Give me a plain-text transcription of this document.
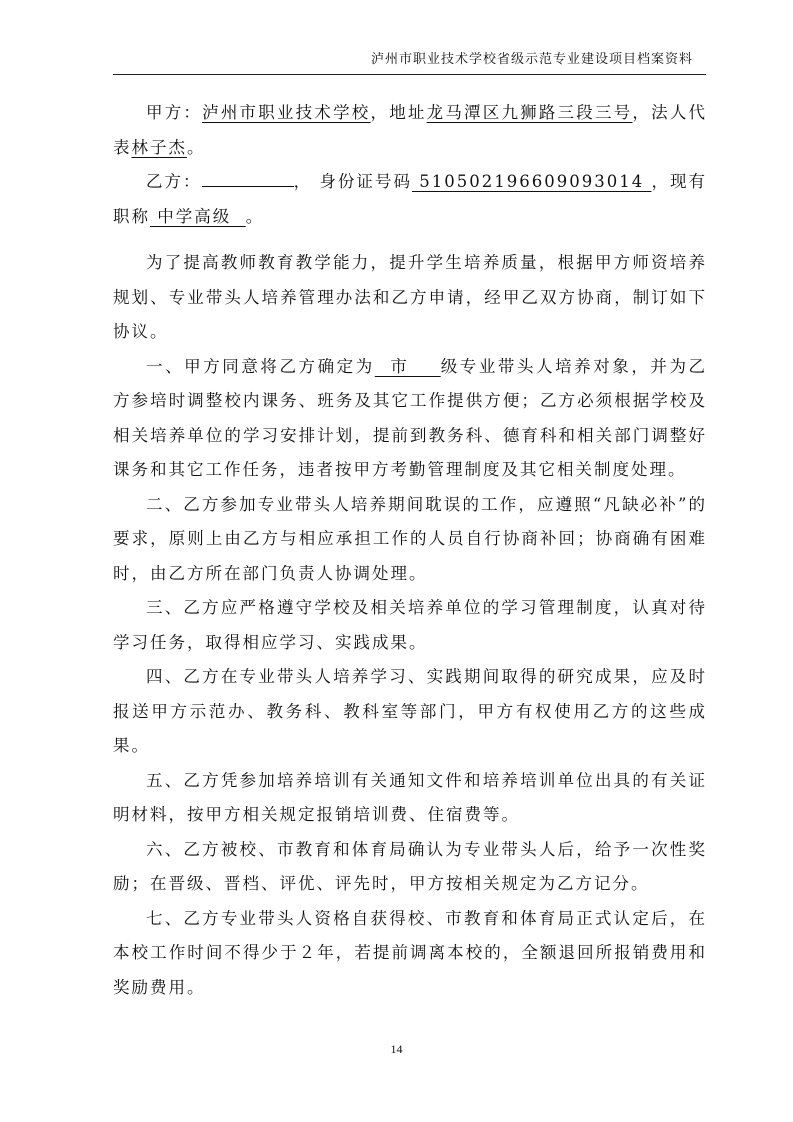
泸州市职业技术学校省级示范专业建设项目档案资料

甲方：泸州市职业技术学校，地址龙马潭区九狮路三段三号，法人代表林子杰。

乙方：	， 身份证号码 510502196609093014 ，现有职称 中学高级  。

为了提高教师教育教学能力，提升学生培养质量，根据甲方师资培养规划、专业带头人培养管理办法和乙方申请，经甲乙双方协商，制订如下协议。

一、甲方同意将乙方确定为  市    级专业带头人培养对象，并为乙方参培时调整校内课务、班务及其它工作提供方便；乙方必须根据学校及相关培养单位的学习安排计划，提前到教务科、德育科和相关部门调整好课务和其它工作任务，违者按甲方考勤管理制度及其它相关制度处理。

二、乙方参加专业带头人培养期间耽误的工作，应遵照“凡缺必补”的要求，原则上由乙方与相应承担工作的人员自行协商补回；协商确有困难时，由乙方所在部门负责人协调处理。

三、乙方应严格遵守学校及相关培养单位的学习管理制度，认真对待学习任务，取得相应学习、实践成果。

四、乙方在专业带头人培养学习、实践期间取得的研究成果，应及时报送甲方示范办、教务科、教科室等部门，甲方有权使用乙方的这些成果。

五、乙方凭参加培养培训有关通知文件和培养培训单位出具的有关证明材料，按甲方相关规定报销培训费、住宿费等。

六、乙方被校、市教育和体育局确认为专业带头人后，给予一次性奖励；在晋级、晋档、评优、评先时，甲方按相关规定为乙方记分。

七、乙方专业带头人资格自获得校、市教育和体育局正式认定后，在本校工作时间不得少于２年，若提前调离本校的，全额退回所报销费用和奖励费用。

14
